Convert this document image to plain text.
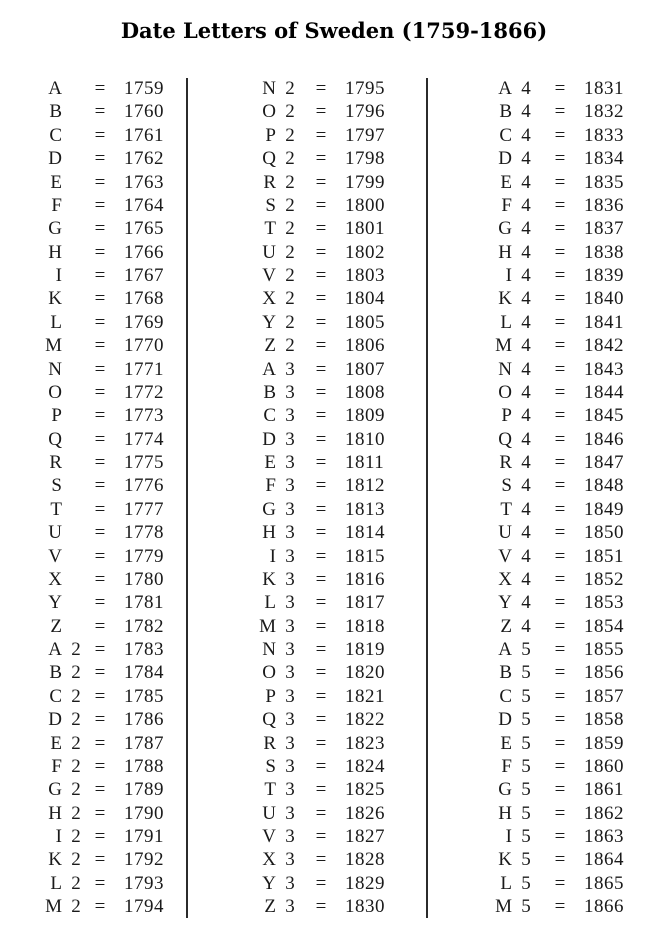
Date Letters of Sweden (1759-1866)
A = 1759
B = 1760
C = 1761
D = 1762
E = 1763
F = 1764
G = 1765
H = 1766
I = 1767
K = 1768
L = 1769
M = 1770
N = 1771
O = 1772
P = 1773
Q = 1774
R = 1775
S = 1776
T = 1777
U = 1778
V = 1779
X = 1780
Y = 1781
Z = 1782
A 2 = 1783
B 2 = 1784
C 2 = 1785
D 2 = 1786
E 2 = 1787
F 2 = 1788
G 2 = 1789
H 2 = 1790
I 2 = 1791
K 2 = 1792
L 2 = 1793
M 2 = 1794
N 2 = 1795
O 2 = 1796
P 2 = 1797
Q 2 = 1798
R 2 = 1799
S 2 = 1800
T 2 = 1801
U 2 = 1802
V 2 = 1803
X 2 = 1804
Y 2 = 1805
Z 2 = 1806
A 3 = 1807
B 3 = 1808
C 3 = 1809
D 3 = 1810
E 3 = 1811
F 3 = 1812
G 3 = 1813
H 3 = 1814
I 3 = 1815
K 3 = 1816
L 3 = 1817
M 3 = 1818
N 3 = 1819
O 3 = 1820
P 3 = 1821
Q 3 = 1822
R 3 = 1823
S 3 = 1824
T 3 = 1825
U 3 = 1826
V 3 = 1827
X 3 = 1828
Y 3 = 1829
Z 3 = 1830
A 4 = 1831
B 4 = 1832
C 4 = 1833
D 4 = 1834
E 4 = 1835
F 4 = 1836
G 4 = 1837
H 4 = 1838
I 4 = 1839
K 4 = 1840
L 4 = 1841
M 4 = 1842
N 4 = 1843
O 4 = 1844
P 4 = 1845
Q 4 = 1846
R 4 = 1847
S 4 = 1848
T 4 = 1849
U 4 = 1850
V 4 = 1851
X 4 = 1852
Y 4 = 1853
Z 4 = 1854
A 5 = 1855
B 5 = 1856
C 5 = 1857
D 5 = 1858
E 5 = 1859
F 5 = 1860
G 5 = 1861
H 5 = 1862
I 5 = 1863
K 5 = 1864
L 5 = 1865
M 5 = 1866
